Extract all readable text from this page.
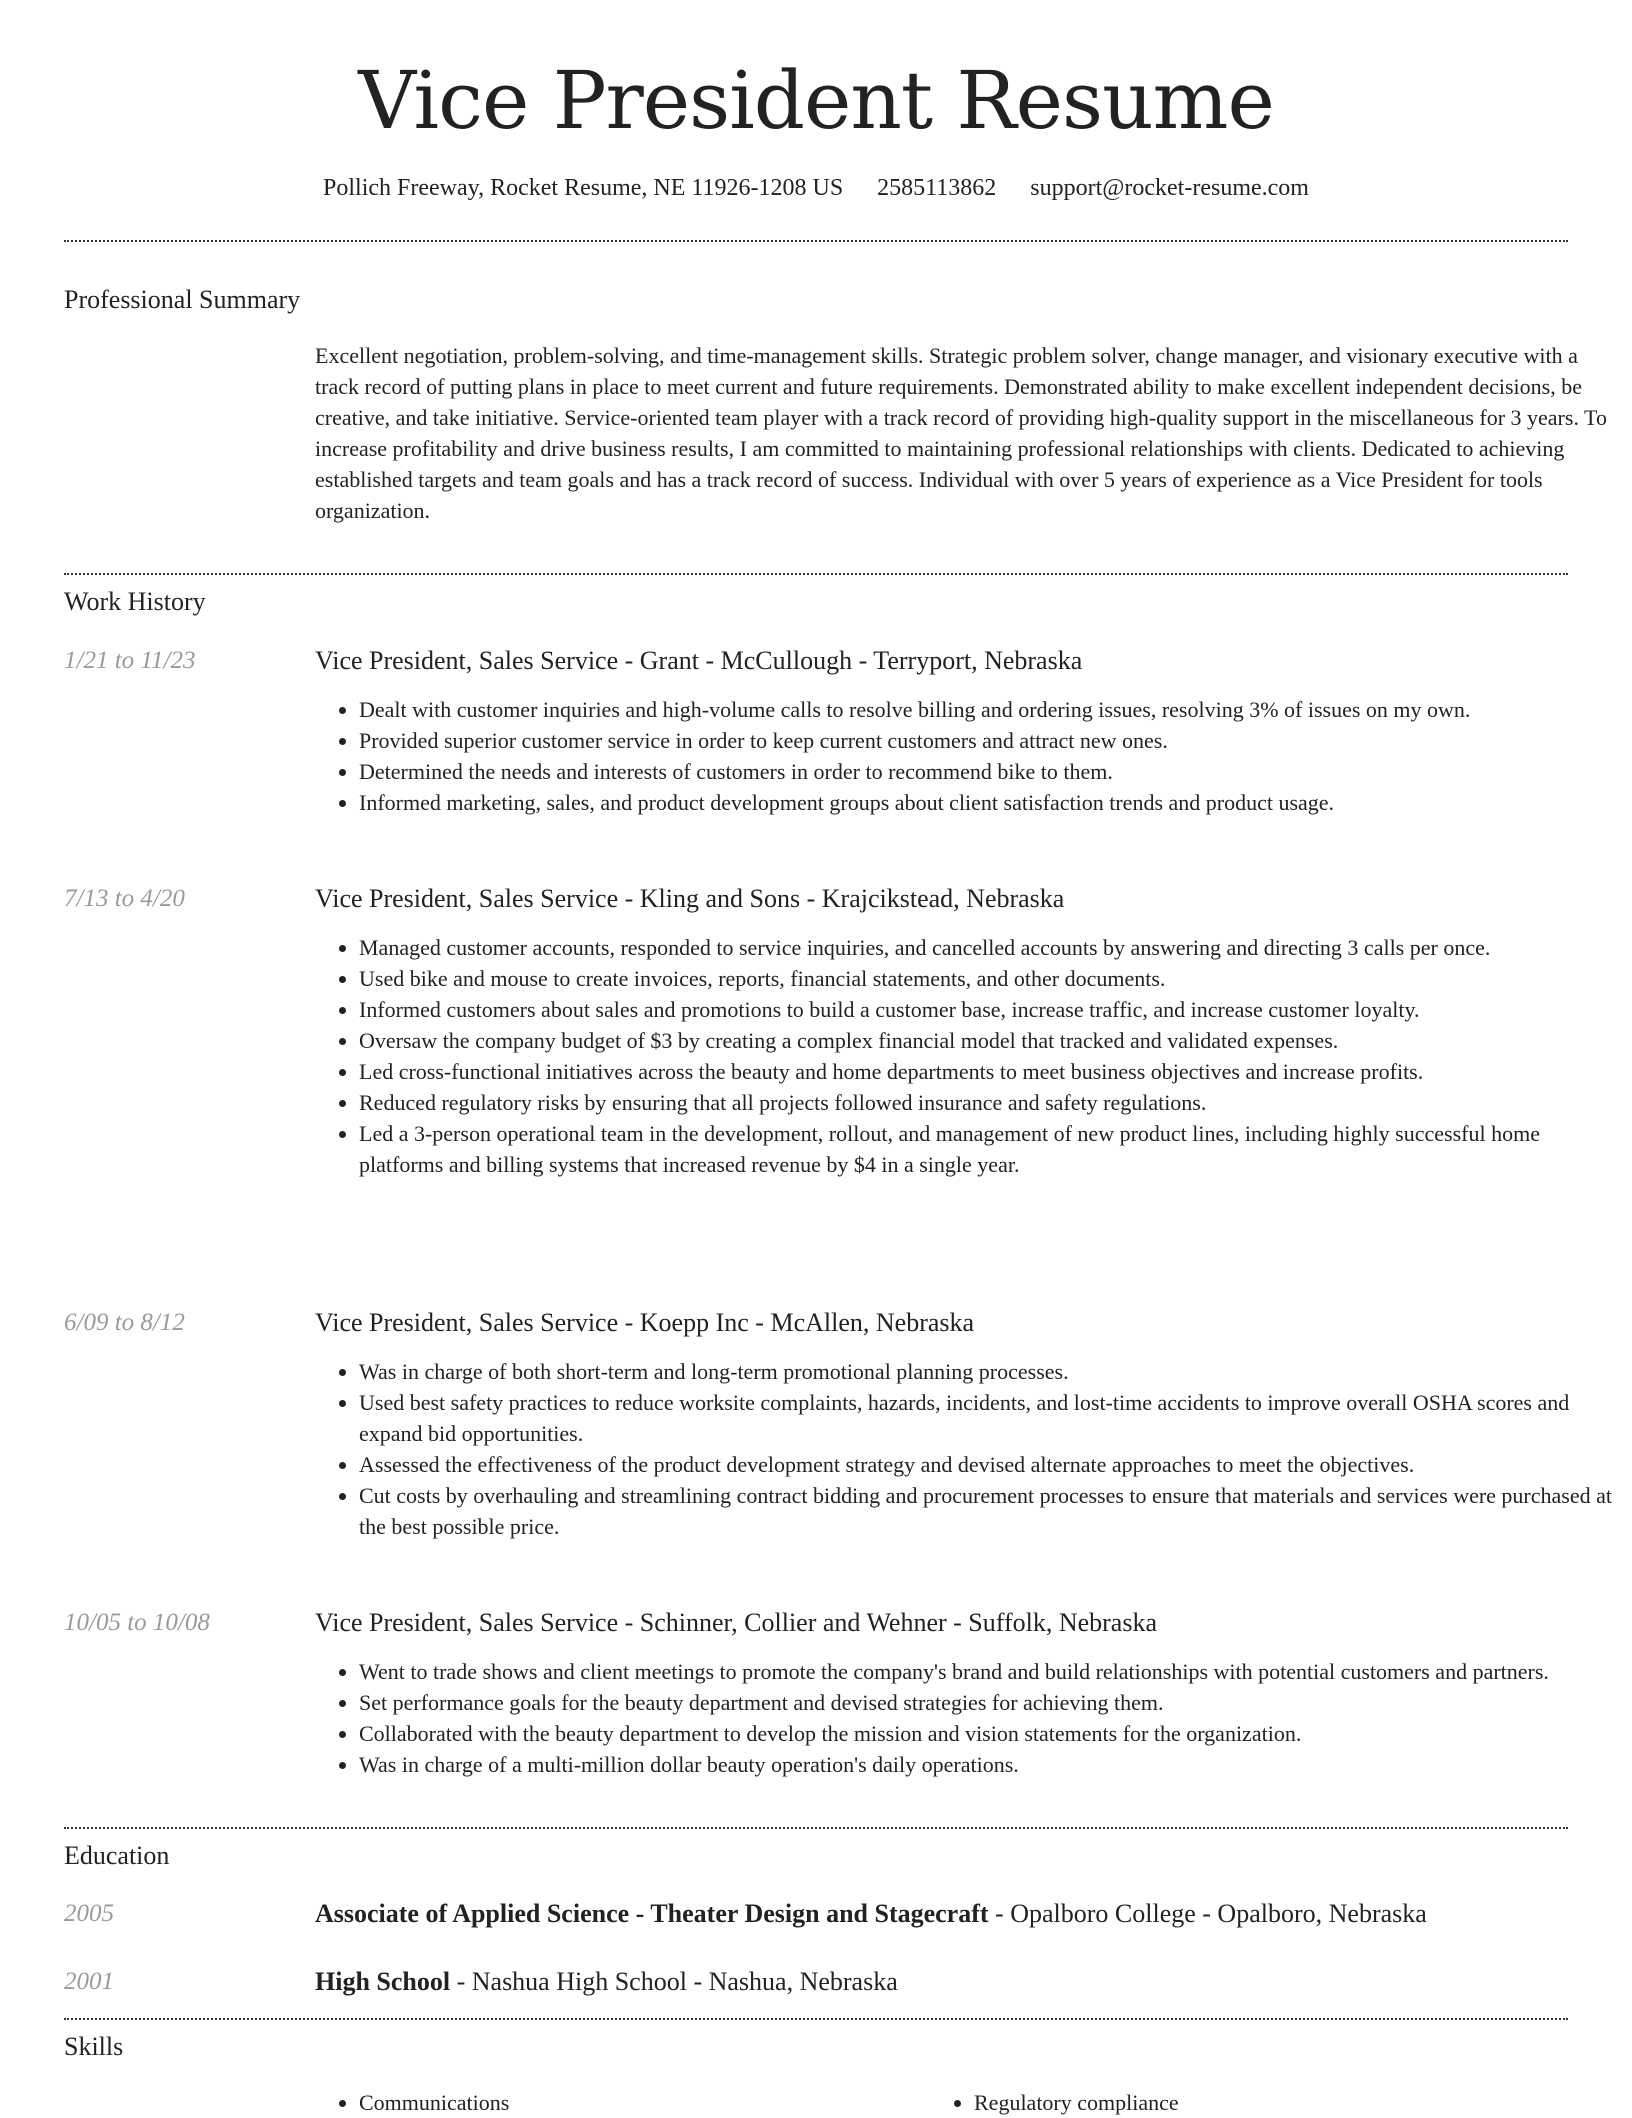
Vice President Resume
Pollich Freeway, Rocket Resume, NE 11926-1208 US 2585113862 support@rocket-resume.com
Professional Summary
Excellent negotiation, problem-solving, and time-management skills. Strategic problem solver, change manager, and visionary executive with a track record of putting plans in place to meet current and future requirements. Demonstrated ability to make excellent independent decisions, be creative, and take initiative. Service-oriented team player with a track record of providing high-quality support in the miscellaneous for 3 years. To increase profitability and drive business results, I am committed to maintaining professional relationships with clients. Dedicated to achieving established targets and team goals and has a track record of success. Individual with over 5 years of experience as a Vice President for tools organization.
Work History
1/21 to 11/23	Vice President, Sales Service - Grant - McCullough - Terryport, Nebraska
• Dealt with customer inquiries and high-volume calls to resolve billing and ordering issues, resolving 3% of issues on my own.
• Provided superior customer service in order to keep current customers and attract new ones.
• Determined the needs and interests of customers in order to recommend bike to them.
• Informed marketing, sales, and product development groups about client satisfaction trends and product usage.
7/13 to 4/20	Vice President, Sales Service - Kling and Sons - Krajcikstead, Nebraska
• Managed customer accounts, responded to service inquiries, and cancelled accounts by answering and directing 3 calls per once.
• Used bike and mouse to create invoices, reports, financial statements, and other documents.
• Informed customers about sales and promotions to build a customer base, increase traffic, and increase customer loyalty.
• Oversaw the company budget of $3 by creating a complex financial model that tracked and validated expenses.
• Led cross-functional initiatives across the beauty and home departments to meet business objectives and increase profits.
• Reduced regulatory risks by ensuring that all projects followed insurance and safety regulations.
• Led a 3-person operational team in the development, rollout, and management of new product lines, including highly successful home platforms and billing systems that increased revenue by $4 in a single year.
6/09 to 8/12	Vice President, Sales Service - Koepp Inc - McAllen, Nebraska
• Was in charge of both short-term and long-term promotional planning processes.
• Used best safety practices to reduce worksite complaints, hazards, incidents, and lost-time accidents to improve overall OSHA scores and expand bid opportunities.
• Assessed the effectiveness of the product development strategy and devised alternate approaches to meet the objectives.
• Cut costs by overhauling and streamlining contract bidding and procurement processes to ensure that materials and services were purchased at the best possible price.
10/05 to 10/08	Vice President, Sales Service - Schinner, Collier and Wehner - Suffolk, Nebraska
• Went to trade shows and client meetings to promote the company's brand and build relationships with potential customers and partners.
• Set performance goals for the beauty department and devised strategies for achieving them.
• Collaborated with the beauty department to develop the mission and vision statements for the organization.
• Was in charge of a multi-million dollar beauty operation's daily operations.
Education
2005	Associate of Applied Science - Theater Design and Stagecraft - Opalboro College - Opalboro, Nebraska
2001	High School - Nashua High School - Nashua, Nebraska
Skills
• Communications
•	Regulatory compliance
